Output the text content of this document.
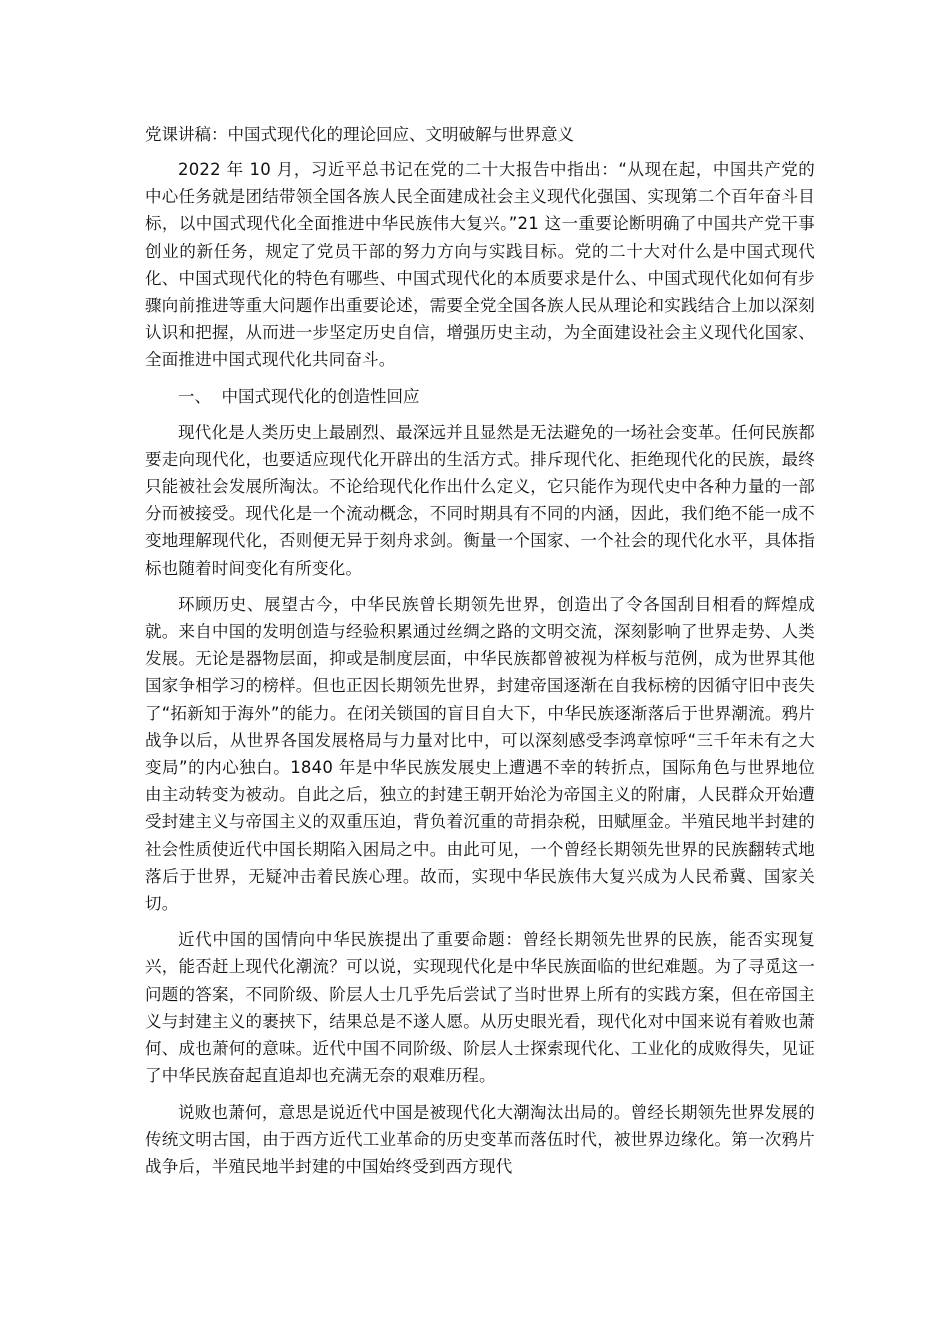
党课讲稿：中国式现代化的理论回应、文明破解与世界意义

2022 年 10 月，习近平总书记在党的二十大报告中指出：“从现在起，中国共产党的中心任务就是团结带领全国各族人民全面建成社会主义现代化强国、实现第二个百年奋斗目标，以中国式现代化全面推进中华民族伟大复兴。”21 这一重要论断明确了中国共产党干事创业的新任务，规定了党员干部的努力方向与实践目标。党的二十大对什么是中国式现代化、中国式现代化的特色有哪些、中国式现代化的本质要求是什么、中国式现代化如何有步骤向前推进等重大问题作出重要论述，需要全党全国各族人民从理论和实践结合上加以深刻认识和把握，从而进一步坚定历史自信，增强历史主动，为全面建设社会主义现代化国家、全面推进中国式现代化共同奋斗。

一、  中国式现代化的创造性回应

现代化是人类历史上最剧烈、最深远并且显然是无法避免的一场社会变革。任何民族都要走向现代化，也要适应现代化开辟出的生活方式。排斥现代化、拒绝现代化的民族，最终只能被社会发展所淘汰。不论给现代化作出什么定义，它只能作为现代史中各种力量的一部分而被接受。现代化是一个流动概念，不同时期具有不同的内涵，因此，我们绝不能一成不变地理解现代化，否则便无异于刻舟求剑。衡量一个国家、一个社会的现代化水平，具体指标也随着时间变化有所变化。

环顾历史、展望古今，中华民族曾长期领先世界，创造出了令各国刮目相看的辉煌成就。来自中国的发明创造与经验积累通过丝绸之路的文明交流，深刻影响了世界走势、人类发展。无论是器物层面，抑或是制度层面，中华民族都曾被视为样板与范例，成为世界其他国家争相学习的榜样。但也正因长期领先世界，封建帝国逐渐在自我标榜的因循守旧中丧失了“拓新知于海外”的能力。在闭关锁国的盲目自大下，中华民族逐渐落后于世界潮流。鸦片战争以后，从世界各国发展格局与力量对比中，可以深刻感受李鸿章惊呼“三千年未有之大变局”的内心独白。1840 年是中华民族发展史上遭遇不幸的转折点，国际角色与世界地位由主动转变为被动。自此之后，独立的封建王朝开始沦为帝国主义的附庸，人民群众开始遭受封建主义与帝国主义的双重压迫，背负着沉重的苛捐杂税，田赋厘金。半殖民地半封建的社会性质使近代中国长期陷入困局之中。由此可见，一个曾经长期领先世界的民族翻转式地落后于世界，无疑冲击着民族心理。故而，实现中华民族伟大复兴成为人民希冀、国家关切。

近代中国的国情向中华民族提出了重要命题：曾经长期领先世界的民族，能否实现复兴，能否赶上现代化潮流？可以说，实现现代化是中华民族面临的世纪难题。为了寻觅这一问题的答案，不同阶级、阶层人士几乎先后尝试了当时世界上所有的实践方案，但在帝国主义与封建主义的裹挟下，结果总是不遂人愿。从历史眼光看，现代化对中国来说有着败也萧何、成也萧何的意味。近代中国不同阶级、阶层人士探索现代化、工业化的成败得失，见证了中华民族奋起直追却也充满无奈的艰难历程。

说败也萧何，意思是说近代中国是被现代化大潮淘汰出局的。曾经长期领先世界发展的传统文明古国，由于西方近代工业革命的历史变革而落伍时代，被世界边缘化。第一次鸦片战争后，半殖民地半封建的中国始终受到西方现代
